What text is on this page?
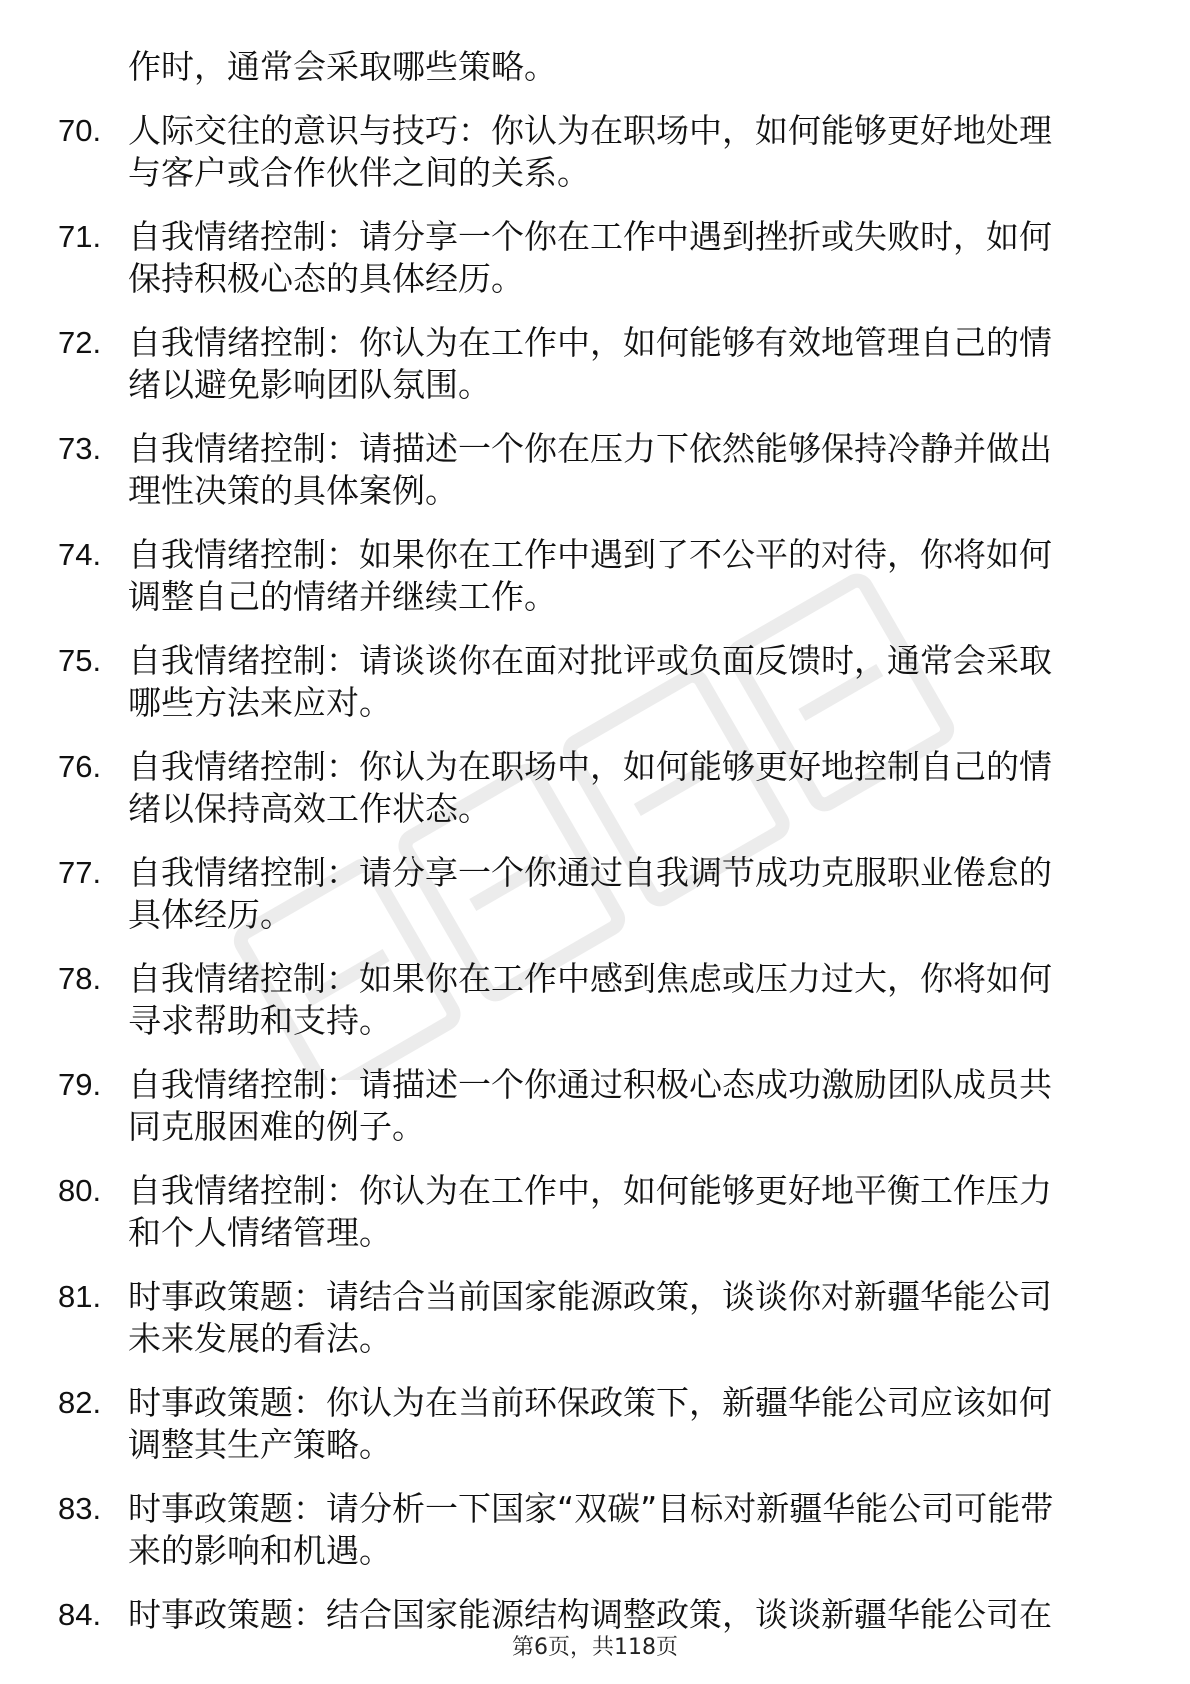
作时，通常会采取哪些策略。
70. 人际交往的意识与技巧：你认为在职场中，如何能够更好地处理
与客户或合作伙伴之间的关系。
71. 自我情绪控制：请分享一个你在工作中遇到挫折或失败时，如何
保持积极心态的具体经历。
72. 自我情绪控制：你认为在工作中，如何能够有效地管理自己的情
绪以避免影响团队氛围。
73. 自我情绪控制：请描述一个你在压力下依然能够保持冷静并做出
理性决策的具体案例。
74. 自我情绪控制：如果你在工作中遇到了不公平的对待，你将如何
调整自己的情绪并继续工作。
75. 自我情绪控制：请谈谈你在面对批评或负面反馈时，通常会采取
哪些方法来应对。
76. 自我情绪控制：你认为在职场中，如何能够更好地控制自己的情
绪以保持高效工作状态。
77. 自我情绪控制：请分享一个你通过自我调节成功克服职业倦怠的
具体经历。
78. 自我情绪控制：如果你在工作中感到焦虑或压力过大，你将如何
寻求帮助和支持。
79. 自我情绪控制：请描述一个你通过积极心态成功激励团队成员共
同克服困难的例子。
80. 自我情绪控制：你认为在工作中，如何能够更好地平衡工作压力
和个人情绪管理。
81. 时事政策题：请结合当前国家能源政策，谈谈你对新疆华能公司
未来发展的看法。
82. 时事政策题：你认为在当前环保政策下，新疆华能公司应该如何
调整其生产策略。
83. 时事政策题：请分析一下国家“双碳”目标对新疆华能公司可能带
来的影响和机遇。
84. 时事政策题：结合国家能源结构调整政策，谈谈新疆华能公司在
第6页，共118页
